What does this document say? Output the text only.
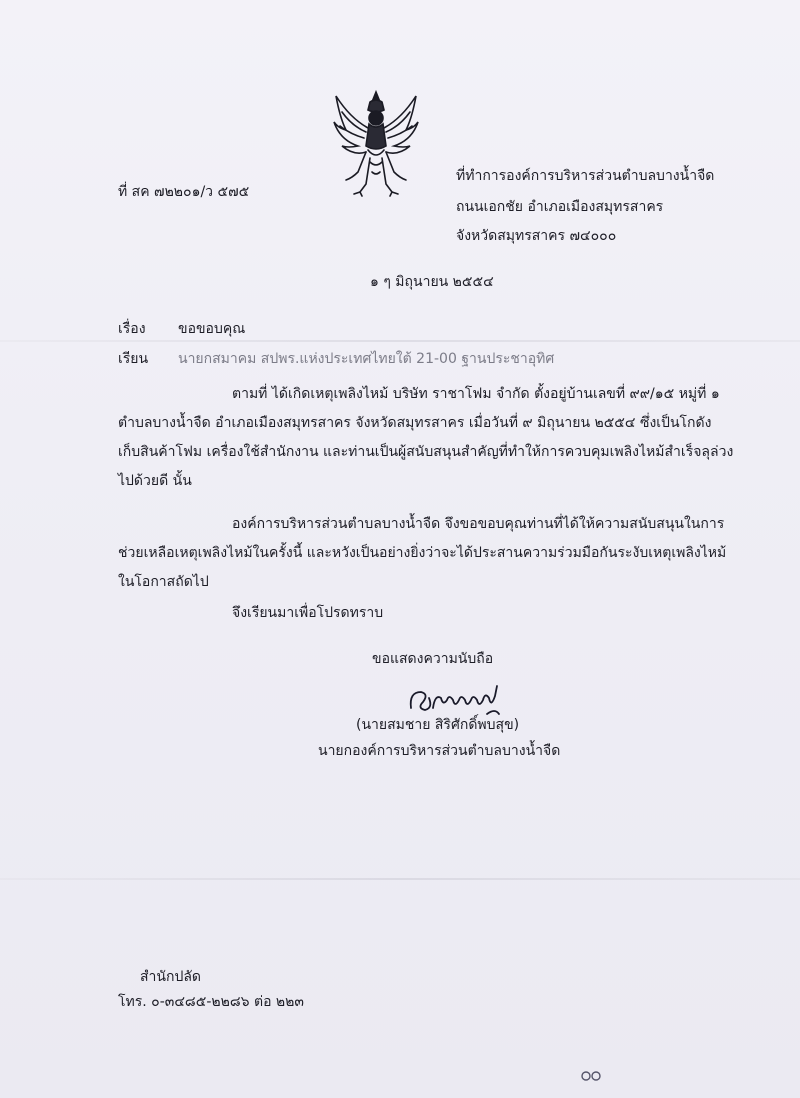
ที่ สค ๗๒๒๐๑/ว ๕๗๕
ที่ทำการองค์การบริหารส่วนตำบลบางน้ำจืด
ถนนเอกชัย อำเภอเมืองสมุทรสาคร
จังหวัดสมุทรสาคร ๗๔๐๐๐
๑ ๆ มิถุนายน ๒๕๕๔
เรื่อง ขอขอบคุณ
เรียน นายกสมาคม สปพร.แห่งประเทศไทยใต้ 21-00 ฐานประชาอุทิศ
ตามที่ ได้เกิดเหตุเพลิงไหม้ บริษัท ราชาโฟม จำกัด ตั้งอยู่บ้านเลขที่ ๙๙/๑๕ หมู่ที่ ๑
ตำบลบางน้ำจืด อำเภอเมืองสมุทรสาคร จังหวัดสมุทรสาคร เมื่อวันที่ ๙ มิถุนายน ๒๕๕๔ ซึ่งเป็นโกดัง
เก็บสินค้าโฟม เครื่องใช้สำนักงาน และท่านเป็นผู้สนับสนุนสำคัญที่ทำให้การควบคุมเพลิงไหม้สำเร็จลุล่วง
ไปด้วยดี นั้น
องค์การบริหารส่วนตำบลบางน้ำจืด จึงขอขอบคุณท่านที่ได้ให้ความสนับสนุนในการ
ช่วยเหลือเหตุเพลิงไหม้ในครั้งนี้ และหวังเป็นอย่างยิ่งว่าจะได้ประสานความร่วมมือกันระงับเหตุเพลิงไหม้
ในโอกาสถัดไป
จึงเรียนมาเพื่อโปรดทราบ
ขอแสดงความนับถือ
(นายสมชาย สิริศักดิ์พบสุข)
นายกองค์การบริหารส่วนตำบลบางน้ำจืด
สำนักปลัด
โทร. ๐-๓๔๘๕-๒๒๘๖ ต่อ ๒๒๓
